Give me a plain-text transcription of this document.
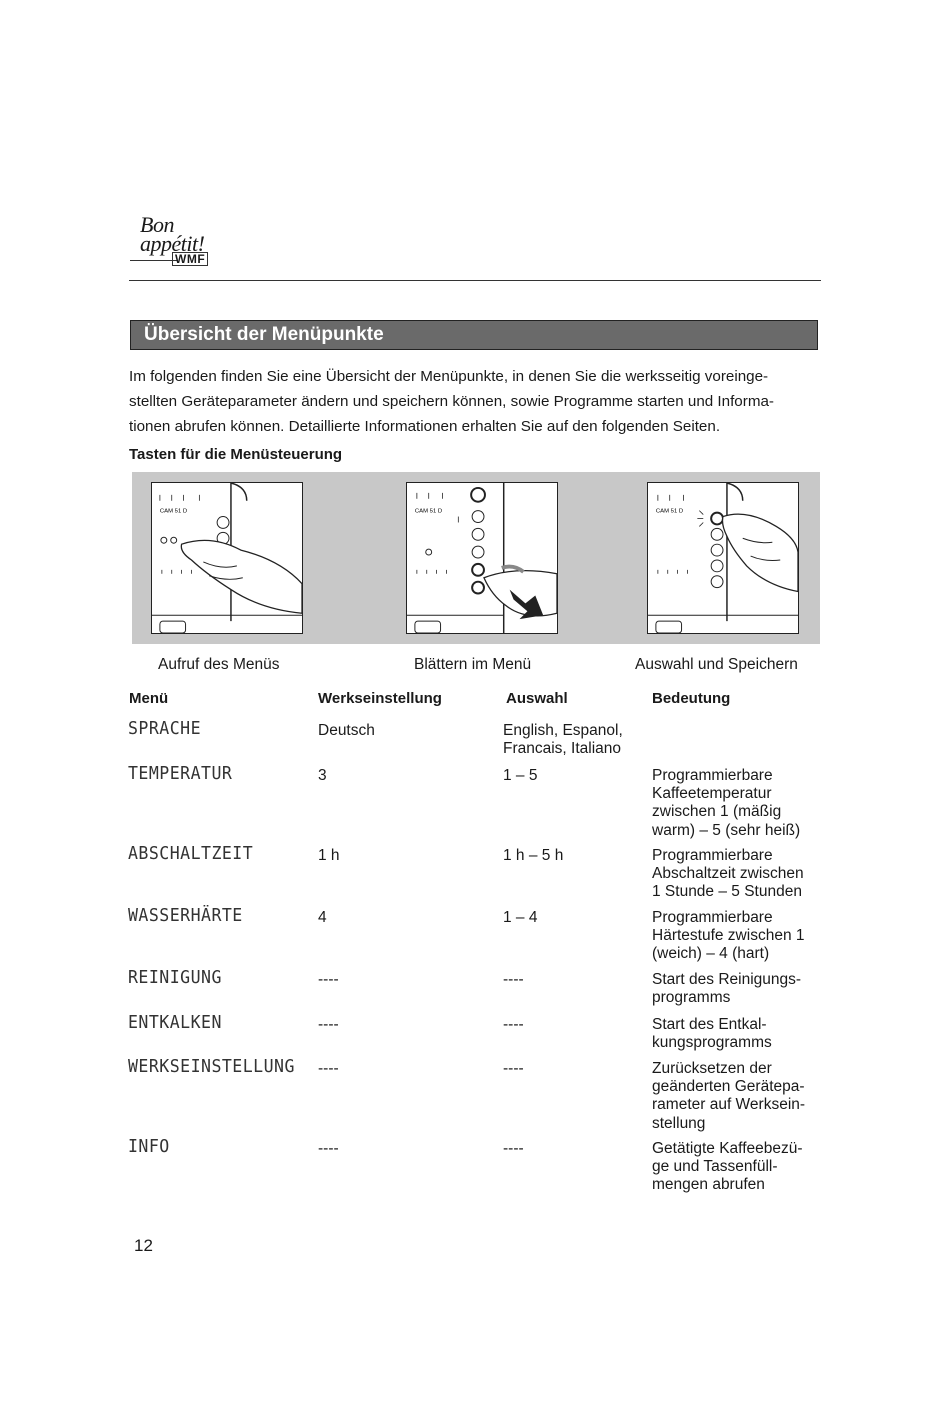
Bon
appétit!
WMF
Übersicht der Menüpunkte
Im folgenden finden Sie eine Übersicht der Menüpunkte, in denen Sie die werksseitig voreinge-
stellten Geräteparameter ändern und speichern können, sowie Programme starten und Informa-
tionen abrufen können. Detaillierte Informationen erhalten Sie auf den folgenden Seiten.
Tasten für die Menüsteuerung
CAM 51 D	CAM 51 D	CAM 51 D
Aufruf des Menüs	Blättern im Menü	Auswahl und Speichern
Menü	Werkseinstellung	Auswahl	Bedeutung
SPRACHE	Deutsch	English, Espanol,
Francais, Italiano
TEMPERATUR	3	1 – 5	Programmierbare
Kaffeetemperatur
zwischen 1 (mäßig
warm) – 5 (sehr heiß)
ABSCHALTZEIT	1 h	1 h – 5 h	Programmierbare
Abschaltzeit zwischen
1 Stunde – 5 Stunden
WASSERHÄRTE	4	1 – 4	Programmierbare
Härtestufe zwischen 1
(weich) – 4 (hart)
REINIGUNG	----	----	Start des Reinigungs-
programms
ENTKALKEN	----	----	Start des Entkal-
kungsprogramms
WERKSEINSTELLUNG ----	----	Zurücksetzen der
geänderten Gerätepa-
rameter auf Werksein-
stellung
INFO	----	----	Getätigte Kaffeebezü-
ge und Tassenfüll-
mengen abrufen
12
